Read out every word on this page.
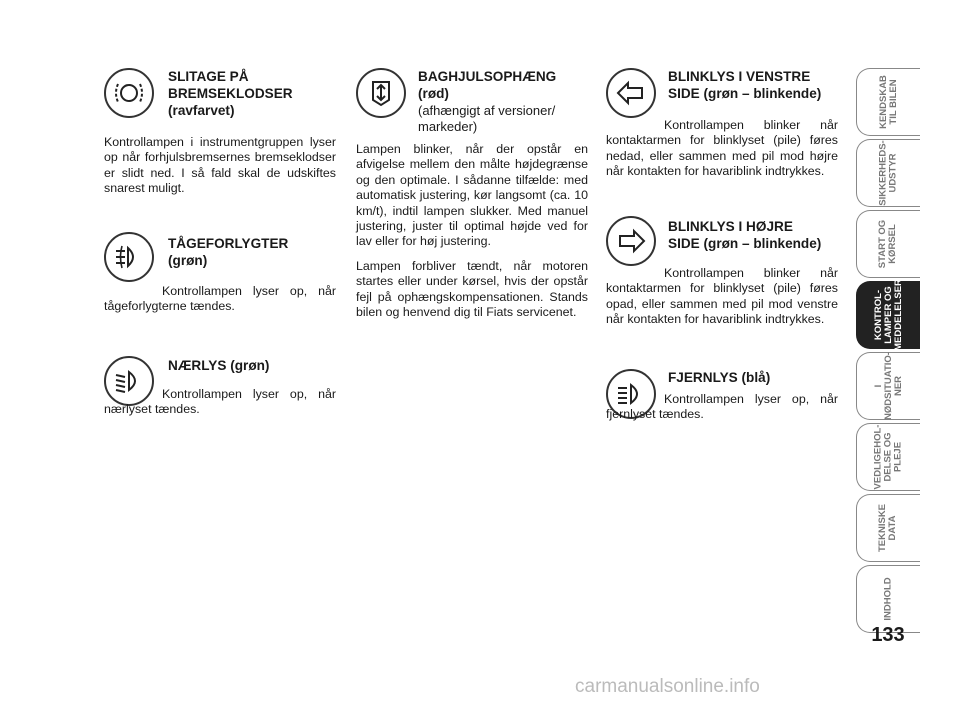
SLITAGE PÅ
BREMSEKLODSER
(ravfarvet)
Kontrollampen i instrumentgruppen lyser op når forhjulsbremsernes bremseklodser er slidt ned. I så fald skal de udskiftes snarest muligt.
TÅGEFORLYGTER
(grøn)
Kontrollampen lyser op, når tågeforlygterne tændes.
NÆRLYS (grøn)
Kontrollampen lyser op, når nærlyset tændes.
BAGHJULSOPHÆNG
(rød)
(afhængigt af versioner/
markeder)

Lampen blinker, når der opstår en afvigelse mellem den målte højdegrænse og den optimale. I sådanne tilfælde: med automatisk justering, kør langsomt (ca. 10 km/t), indtil lampen slukker. Med manuel justering, juster til optimal højde ved for lav eller for høj justering.

Lampen forbliver tændt, når motoren startes eller under kørsel, hvis der opstår fejl på ophængskompensationen. Stands bilen og henvend dig til Fiats servicenet.

BLINKLYS I VENSTRE
SIDE (grøn – blinkende)
Kontrollampen blinker når kontaktarmen for blinklyset (pile) føres nedad, eller sammen med pil mod højre når kontakten for havariblink indtrykkes.
BLINKLYS I HØJRE
SIDE (grøn – blinkende)
Kontrollampen blinker når kontaktarmen for blinklyset (pile) føres opad, eller sammen med pil mod venstre når kontakten for havariblink indtrykkes.
FJERNLYS (blå)
Kontrollampen lyser op, når fjernlyset tændes.
KENDSKAB
TIL BILEN
SIKKERHEDS-
UDSTYR
START OG
KØRSEL
KONTROL-
LAMPER OG
MEDDELELSER
I
NØDSITUATIO-
NER
VEDLIGEHOL-
DELSE OG PLEJE
TEKNISKE
DATA
INDHOLD
133
carmanualsonline.info
